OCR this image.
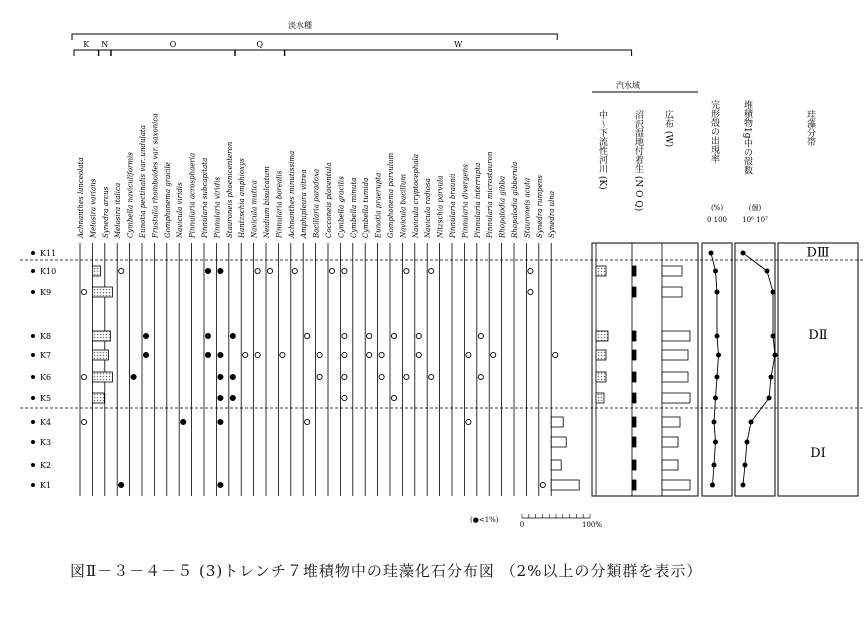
淡水種
K N	O	Q	W
Achnanthes lanceolata Melosira varians Synedra arcus Melosira italica Cymbella naviculiformis Eunotia pectinalis var. undulata Frustulia rhomboides var. saxonica Gomphonema gracile Navicula viridis Pinnularia acrosphaeria Pinnularia subcapitata Pinnularia viridis Stauroneis phoenicenteron Hantzschia amphioxys Navicula mutica Neidium bisulcatum Pinnularia borealis Achnanthes minutissima Amphipleura vitrea Bacillaria paradoxa Cocconeis placentula Cymbella gracilis Cymbella minuta Cymbella tumida Eunotia praerupta Gomphonema parvulum Navicula bacillum Navicula cryptocephala Navicula radiosa Nitzschia parvula Pinnularia braunii Pinnularia divergens Pinnularia interrupta Pinnularia microstauron Rhopalodia gibba Rhopalodia gibberula Stauroneis acuta Synedra rumpens Synedra ulna
K11
K10
K9
K8
K7
K6
K5
K4
K3
K2
K1
(●<1%)
0	100%
汽水域
中〜下流性河川 (K)	沼沢湿地付着生 (N O Q) 広布 (W)	完形殻の出現率
(%)
0 100
堆積物1g中の殻数
(個)
10⁶ 10⁷
珪藻分帯
DⅢ
DⅡ
DⅠ
図Ⅱ－３－４－５ (3)トレンチ７堆積物中の珪藻化石分布図 （2%以上の分類群を表示）
